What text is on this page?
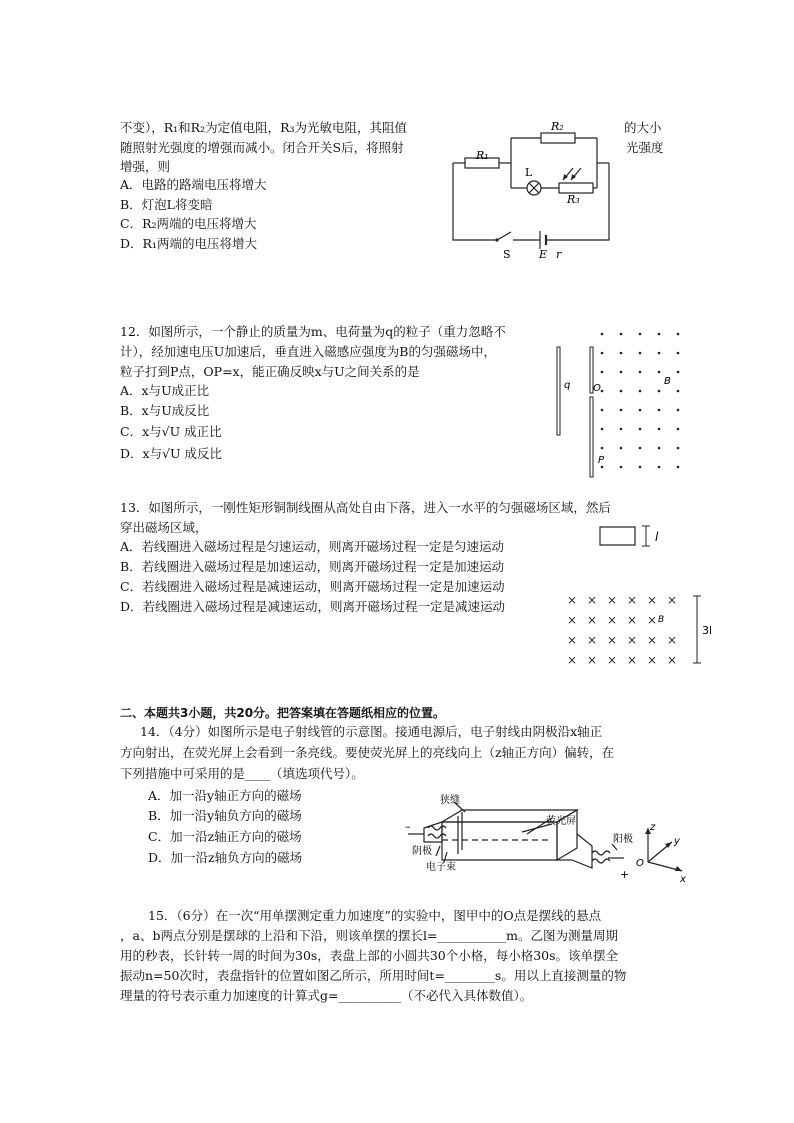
不变），R₁和R₂为定值电阻，R₃为光敏电阻，其阻值	的大小
随照射光强度的增强而减小。闭合开关S后，将照射	光强度
增强，则
A．电路的路端电压将增大
B．灯泡L将变暗
C．R₂两端的电压将增大
D．R₁两端的电压将增大
R₁
R₂
R₃
L
S	E r
12．如图所示，一个静止的质量为m、电荷量为q的粒子（重力忽略不
计），经加速电压U加速后，垂直进入磁感应强度为B的匀强磁场中，
粒子打到P点，OP=x，能正确反映x与U之间关系的是
A．x与U成正比
B．x与U成反比
C．x与√U 成正比
D．x与√U 成反比
q O
B
P
13．如图所示，一刚性矩形铜制线圈从高处自由下落，进入一水平的匀强磁场区域，然后
穿出磁场区域，
A．若线圈进入磁场过程是匀速运动，则离开磁场过程一定是匀速运动
B．若线圈进入磁场过程是加速运动，则离开磁场过程一定是加速运动
C．若线圈进入磁场过程是减速运动，则离开磁场过程一定是加速运动
D．若线圈进入磁场过程是减速运动，则离开磁场过程一定是减速运动
l
× × × × × ×
× × × × ×
× × × × × ×
× × × × × ×
B
3l
二、本题共3小题，共20分。把答案填在答题纸相应的位置。
14．（4分）如图所示是电子射线管的示意图。接通电源后，电子射线由阴极沿x轴正
方向射出，在荧光屏上会看到一条亮线。要使荧光屏上的亮线向上（z轴正方向）偏转，在
下列措施中可采用的是____（填选项代号）。
A．加一沿y轴正方向的磁场
B．加一沿y轴负方向的磁场
C．加一沿z轴正方向的磁场
D．加一沿z轴负方向的磁场
狭缝
荧光屏
阴极
电子束
阳极
–
+
z
y
x
O
15．（6分）在一次“用单摆测定重力加速度”的实验中，图甲中的O点是摆线的悬点
，a、b两点分别是摆球的上沿和下沿，则该单摆的摆长l=___________m。乙图为测量周期
用的秒表，长针转一周的时间为30s，表盘上部的小圆共30个小格，每小格30s。该单摆全
振动n=50次时，表盘指针的位置如图乙所示，所用时间t=________s。用以上直接测量的物
理量的符号表示重力加速度的计算式g=__________（不必代入具体数值）。
